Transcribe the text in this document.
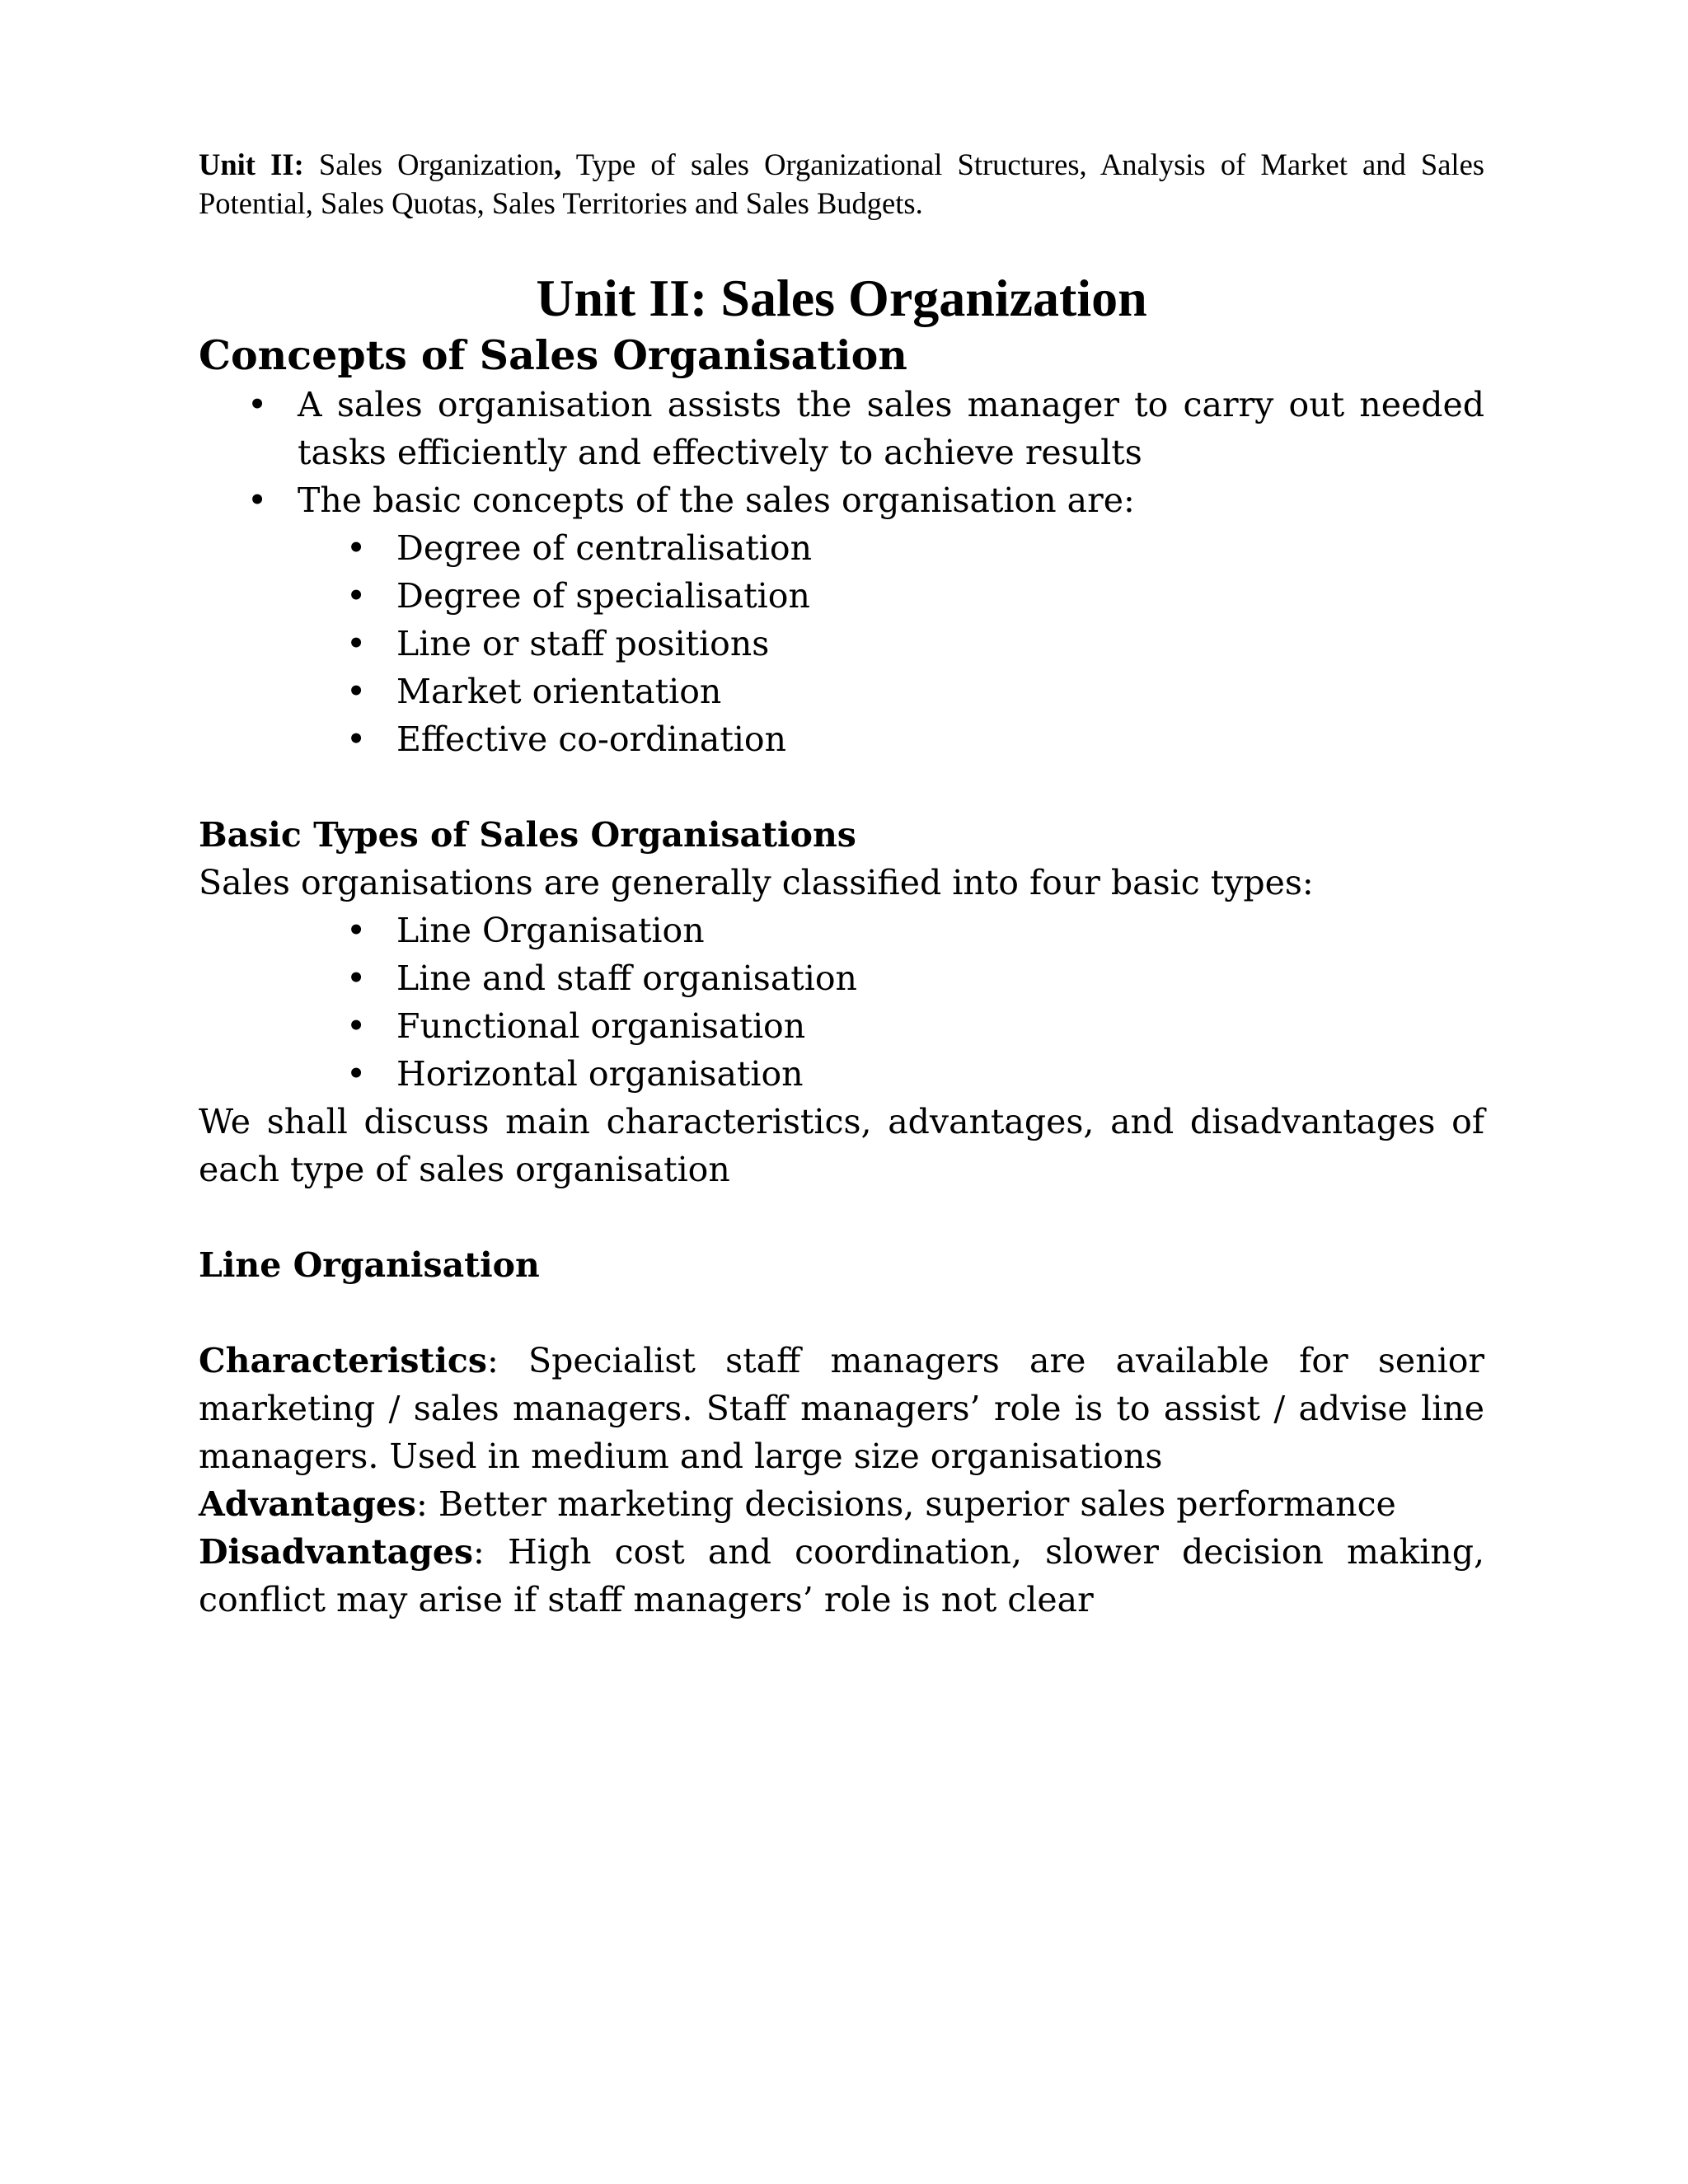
Unit II: Sales Organization, Type of sales Organizational Structures, Analysis of Market and Sales Potential, Sales Quotas, Sales Territories and Sales Budgets.
Unit II: Sales Organization
Concepts of Sales Organisation
• A sales organisation assists the sales manager to carry out needed tasks efficiently and effectively to achieve results
• The basic concepts of the sales organisation are:
• Degree of centralisation
• Degree of specialisation
• Line or staff positions
• Market orientation
• Effective co-ordination
Basic Types of Sales Organisations

Sales organisations are generally classified into four basic types:

• Line Organisation
• Line and staff organisation
• Functional organisation
• Horizontal organisation

We shall discuss main characteristics, advantages, and disadvantages of each type of sales organisation

Line Organisation

Characteristics: Specialist staff managers are available for senior marketing / sales managers. Staff managers’ role is to assist / advise line managers. Used in medium and large size organisations

Advantages: Better marketing decisions, superior sales performance

Disadvantages: High cost and coordination, slower decision making, conflict may arise if staff managers’ role is not clear
